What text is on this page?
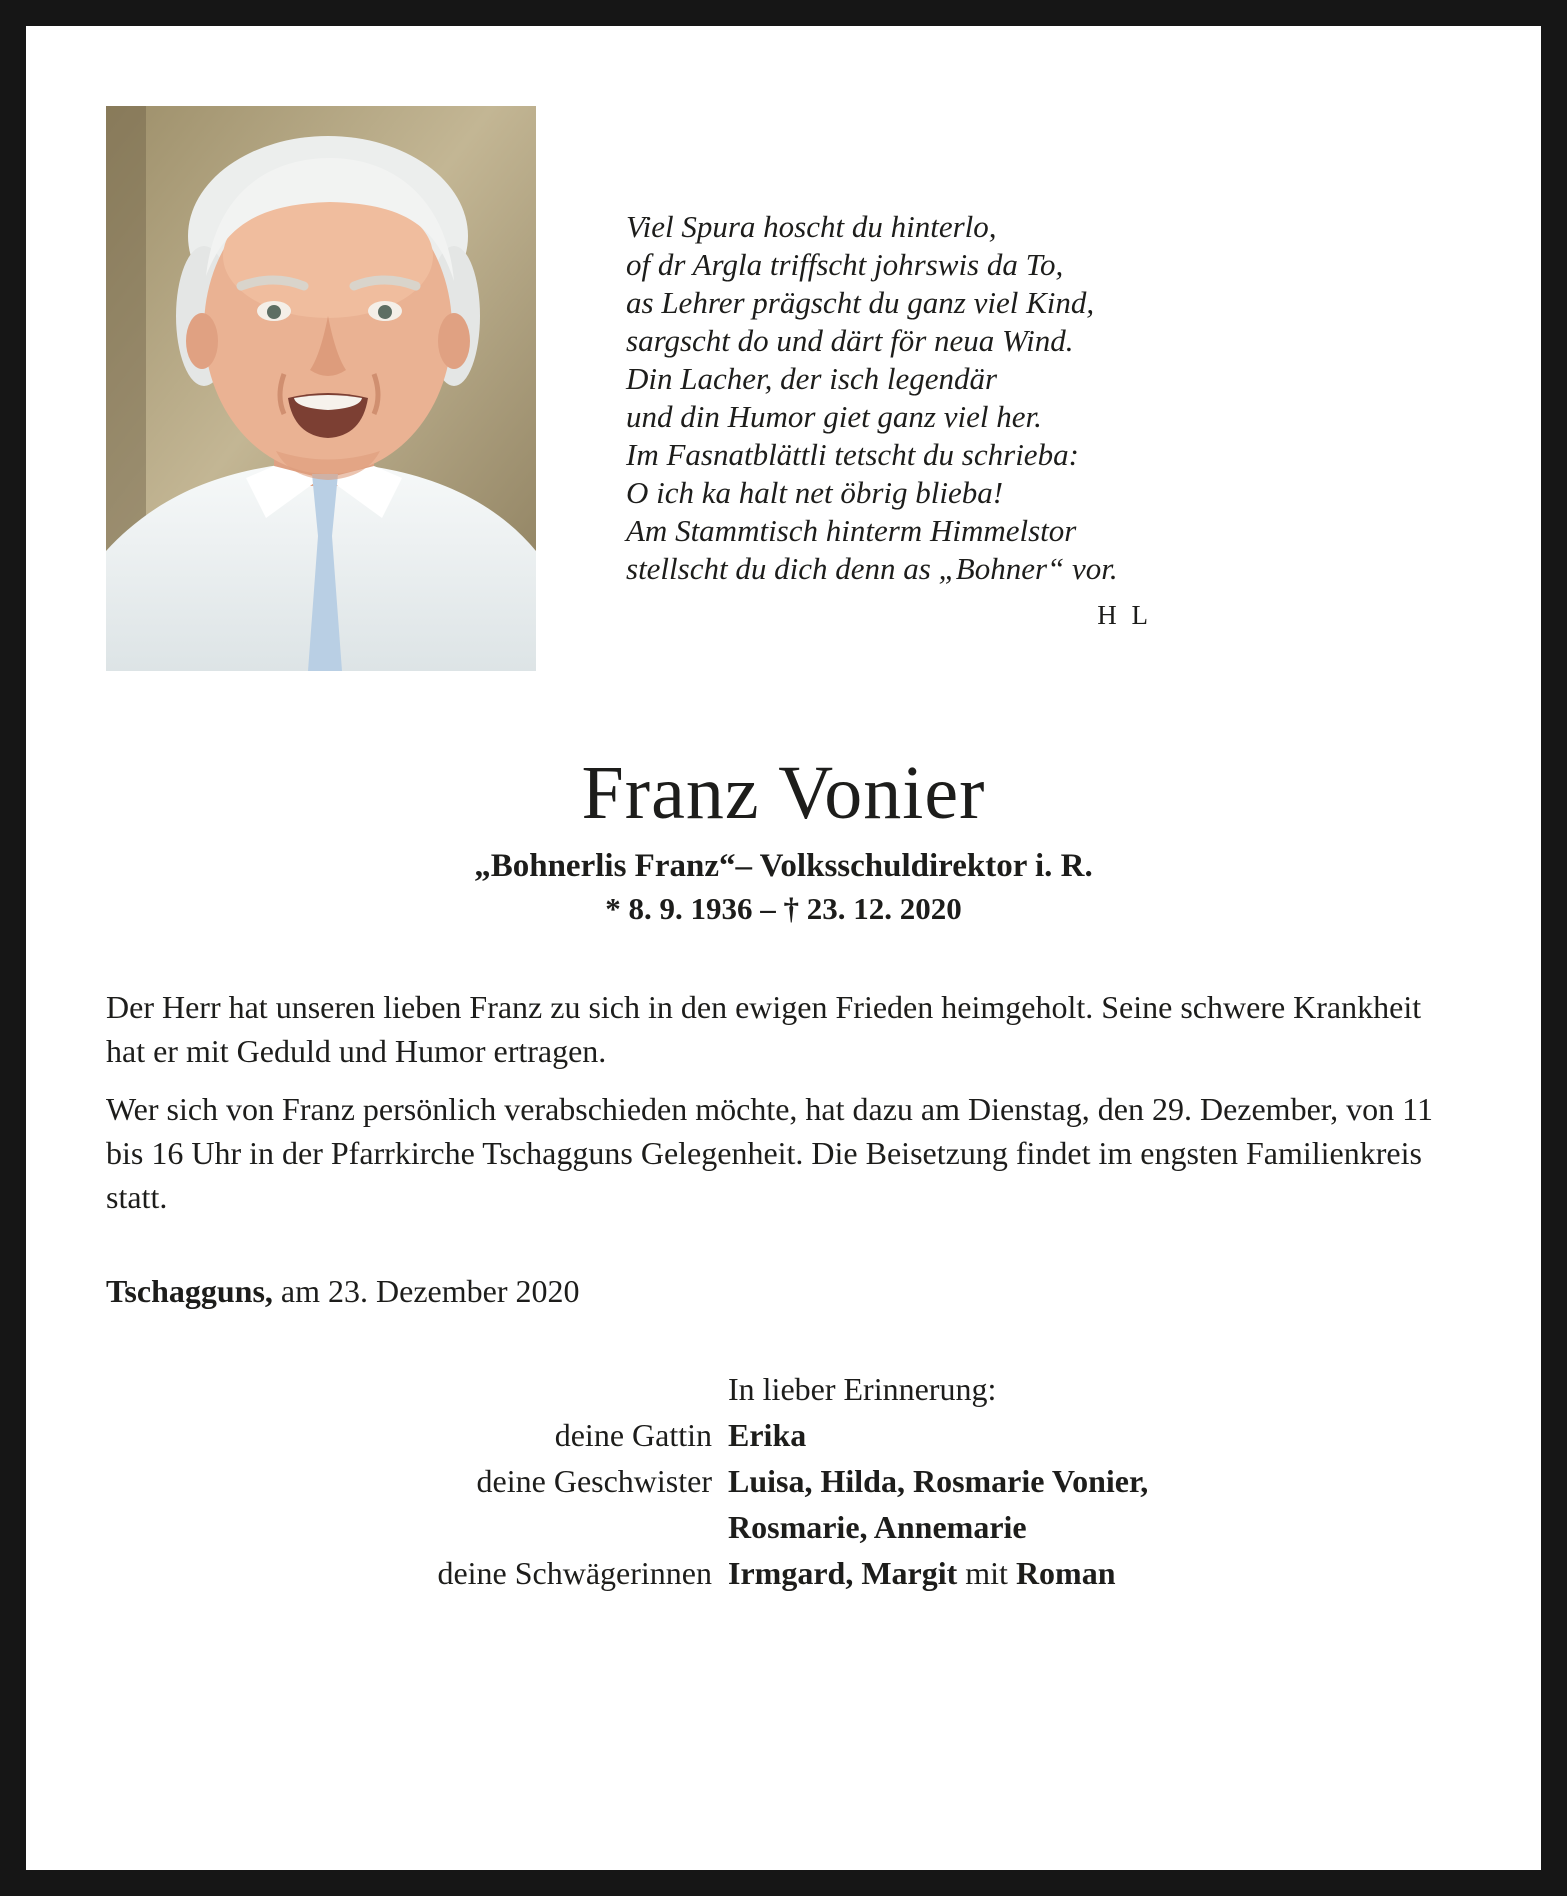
Viel Spura hoscht du hinterlo,
of dr Argla triffscht johrswis da To,
as Lehrer prägscht du ganz viel Kind,
sargscht do und därt för neua Wind.
Din Lacher, der isch legendär
und din Humor giet ganz viel her.
Im Fasnatblättli tetscht du schrieba:
O ich ka halt net öbrig blieba!
Am Stammtisch hinterm Himmelstor
stellscht du dich denn as „Bohner“ vor.
H L
Franz Vonier
„Bohnerlis Franz“– Volksschuldirektor i. R.
* 8. 9. 1936 – † 23. 12. 2020

Der Herr hat unseren lieben Franz zu sich in den ewigen Frieden heimgeholt. Seine schwere Krankheit hat er mit Geduld und Humor ertragen.

Wer sich von Franz persönlich verabschieden möchte, hat dazu am Dienstag, den 29. Dezember, von 11 bis 16 Uhr in der Pfarrkirche Tschagguns Gelegenheit. Die Beisetzung findet im engsten Familienkreis statt.

Tschagguns, am 23. Dezember 2020
In lieber Erinnerung:
deine Gattin Erika
deine Geschwister Luisa, Hilda, Rosmarie Vonier,
Rosmarie, Annemarie
deine Schwägerinnen Irmgard, Margit mit Roman
